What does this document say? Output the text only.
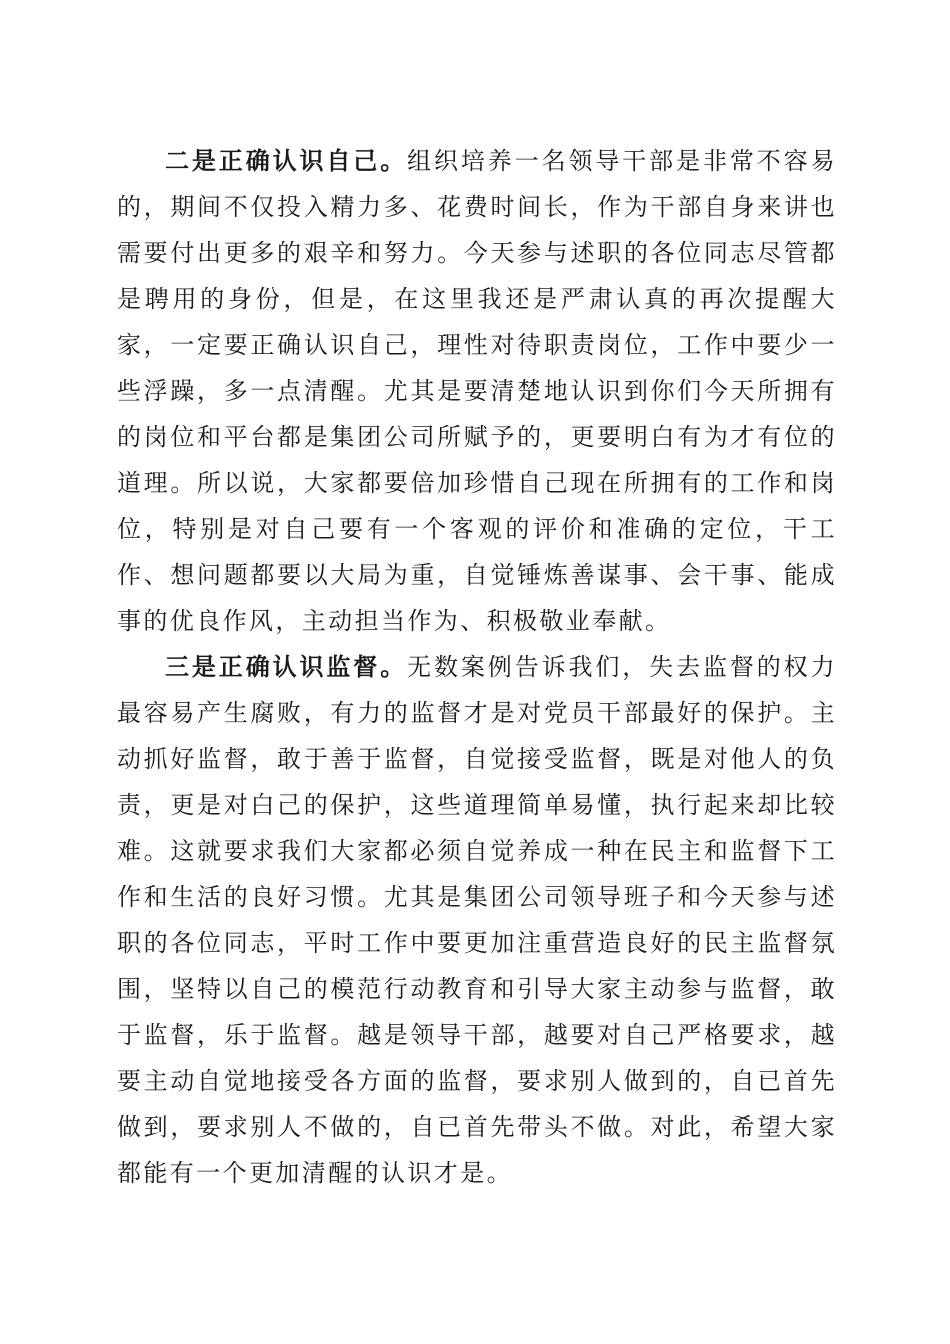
二是正确认识自己。组织培养一名领导干部是非常不容易的，期间不仅投入精力多、花费时间长，作为干部自身来讲也需要付出更多的艰辛和努力。今天参与述职的各位同志尽管都是聘用的身份，但是，在这里我还是严肃认真的再次提醒大家，一定要正确认识自己，理性对待职责岗位，工作中要少一些浮躁，多一点清醒。尤其是要清楚地认识到你们今天所拥有的岗位和平台都是集团公司所赋予的，更要明白有为才有位的道理。所以说，大家都要倍加珍惜自己现在所拥有的工作和岗位，特别是对自己要有一个客观的评价和准确的定位，干工作、想问题都要以大局为重，自觉锤炼善谋事、会干事、能成事的优良作风，主动担当作为、积极敬业奉献。

三是正确认识监督。无数案例告诉我们，失去监督的权力最容易产生腐败，有力的监督才是对党员干部最好的保护。主动抓好监督，敢于善于监督，自觉接受监督，既是对他人的负责，更是对白己的保护，这些道理简单易懂，执行起来却比较难。这就要求我们大家都必须自觉养成一种在民主和监督下工作和生活的良好习惯。尤其是集团公司领导班子和今天参与述职的各位同志，平时工作中要更加注重营造良好的民主监督氛围，坚特以自己的模范行动教育和引导大家主动参与监督，敢于监督，乐于监督。越是领导干部，越要对自己严格要求，越要主动自觉地接受各方面的监督，要求别人做到的，自已首先做到，要求别人不做的，自已首先带头不做。对此，希望大家都能有一个更加清醒的认识才是。
